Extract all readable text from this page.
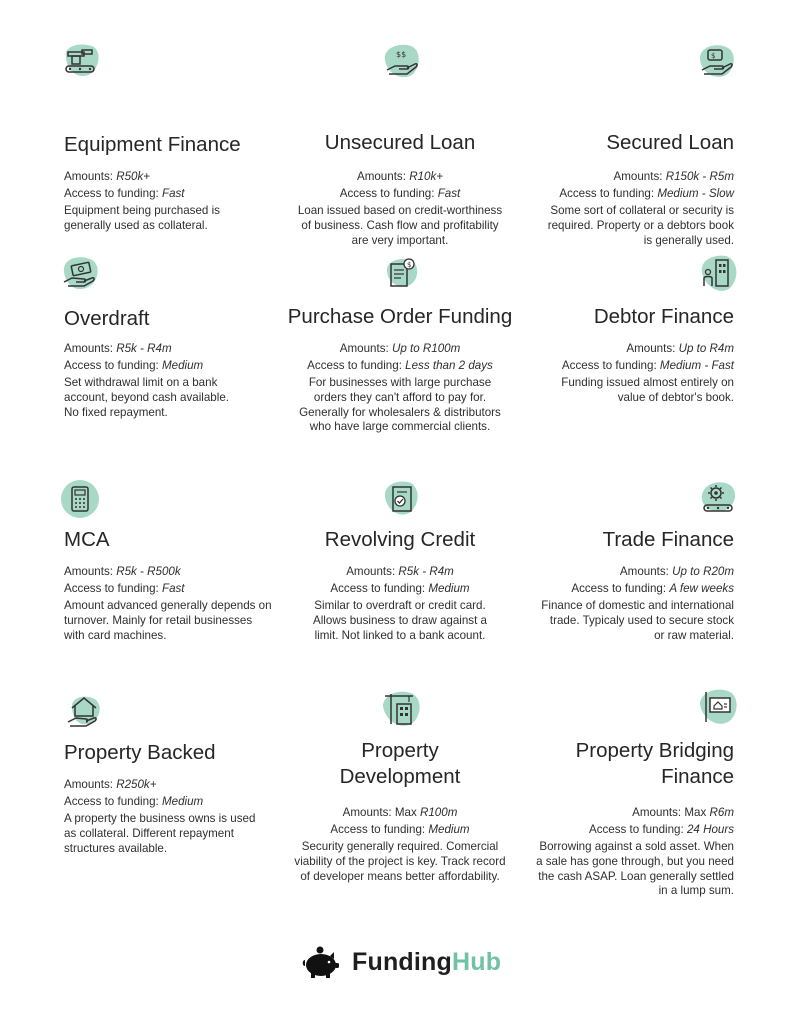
Equipment Finance
Amounts: R50k+
Access to funding: Fast
Equipment being purchased is
generally used as collateral.
$$
Unsecured Loan
Amounts: R10k+
Access to funding: Fast
Loan issued based on credit-worthiness
of business. Cash flow and profitability
are very important.
$
Secured Loan
Amounts: R150k - R5m
Access to funding: Medium - Slow
Some sort of collateral or security is
required. Property or a debtors book
is generally used.
Overdraft
Amounts: R5k - R4m
Access to funding: Medium
Set withdrawal limit on a bank
account, beyond cash available.
No fixed repayment.
$
Purchase Order Funding
Amounts: Up to R100m
Access to funding: Less than 2 days
For businesses with large purchase
orders they can't afford to pay for.
Generally for wholesalers & distributors
who have large commercial clients.
Debtor Finance
Amounts: Up to R4m
Access to funding: Medium - Fast
Funding issued almost entirely on
value of debtor's book.
MCA
Amounts: R5k - R500k
Access to funding: Fast
Amount advanced generally depends on
turnover. Mainly for retail businesses
with card machines.
Revolving Credit
Amounts: R5k - R4m
Access to funding: Medium
Similar to overdraft or credit card.
Allows business to draw against a
limit. Not linked to a bank acount.
Trade Finance
Amounts: Up to R20m
Access to funding: A few weeks
Finance of domestic and international
trade. Typicaly used to secure stock
or raw material.
Property Backed
Amounts: R250k+
Access to funding: Medium
A property the business owns is used
as collateral. Different repayment
structures available.
Property
Development
Amounts: Max R100m
Access to funding: Medium
Security generally required. Comercial
viability of the project is key. Track record
of developer means better affordability.
Property Bridging
Finance
Amounts: Max R6m
Access to funding: 24 Hours
Borrowing against a sold asset. When
a sale has gone through, but you need
the cash ASAP. Loan generally settled
in a lump sum.
FundingHub
